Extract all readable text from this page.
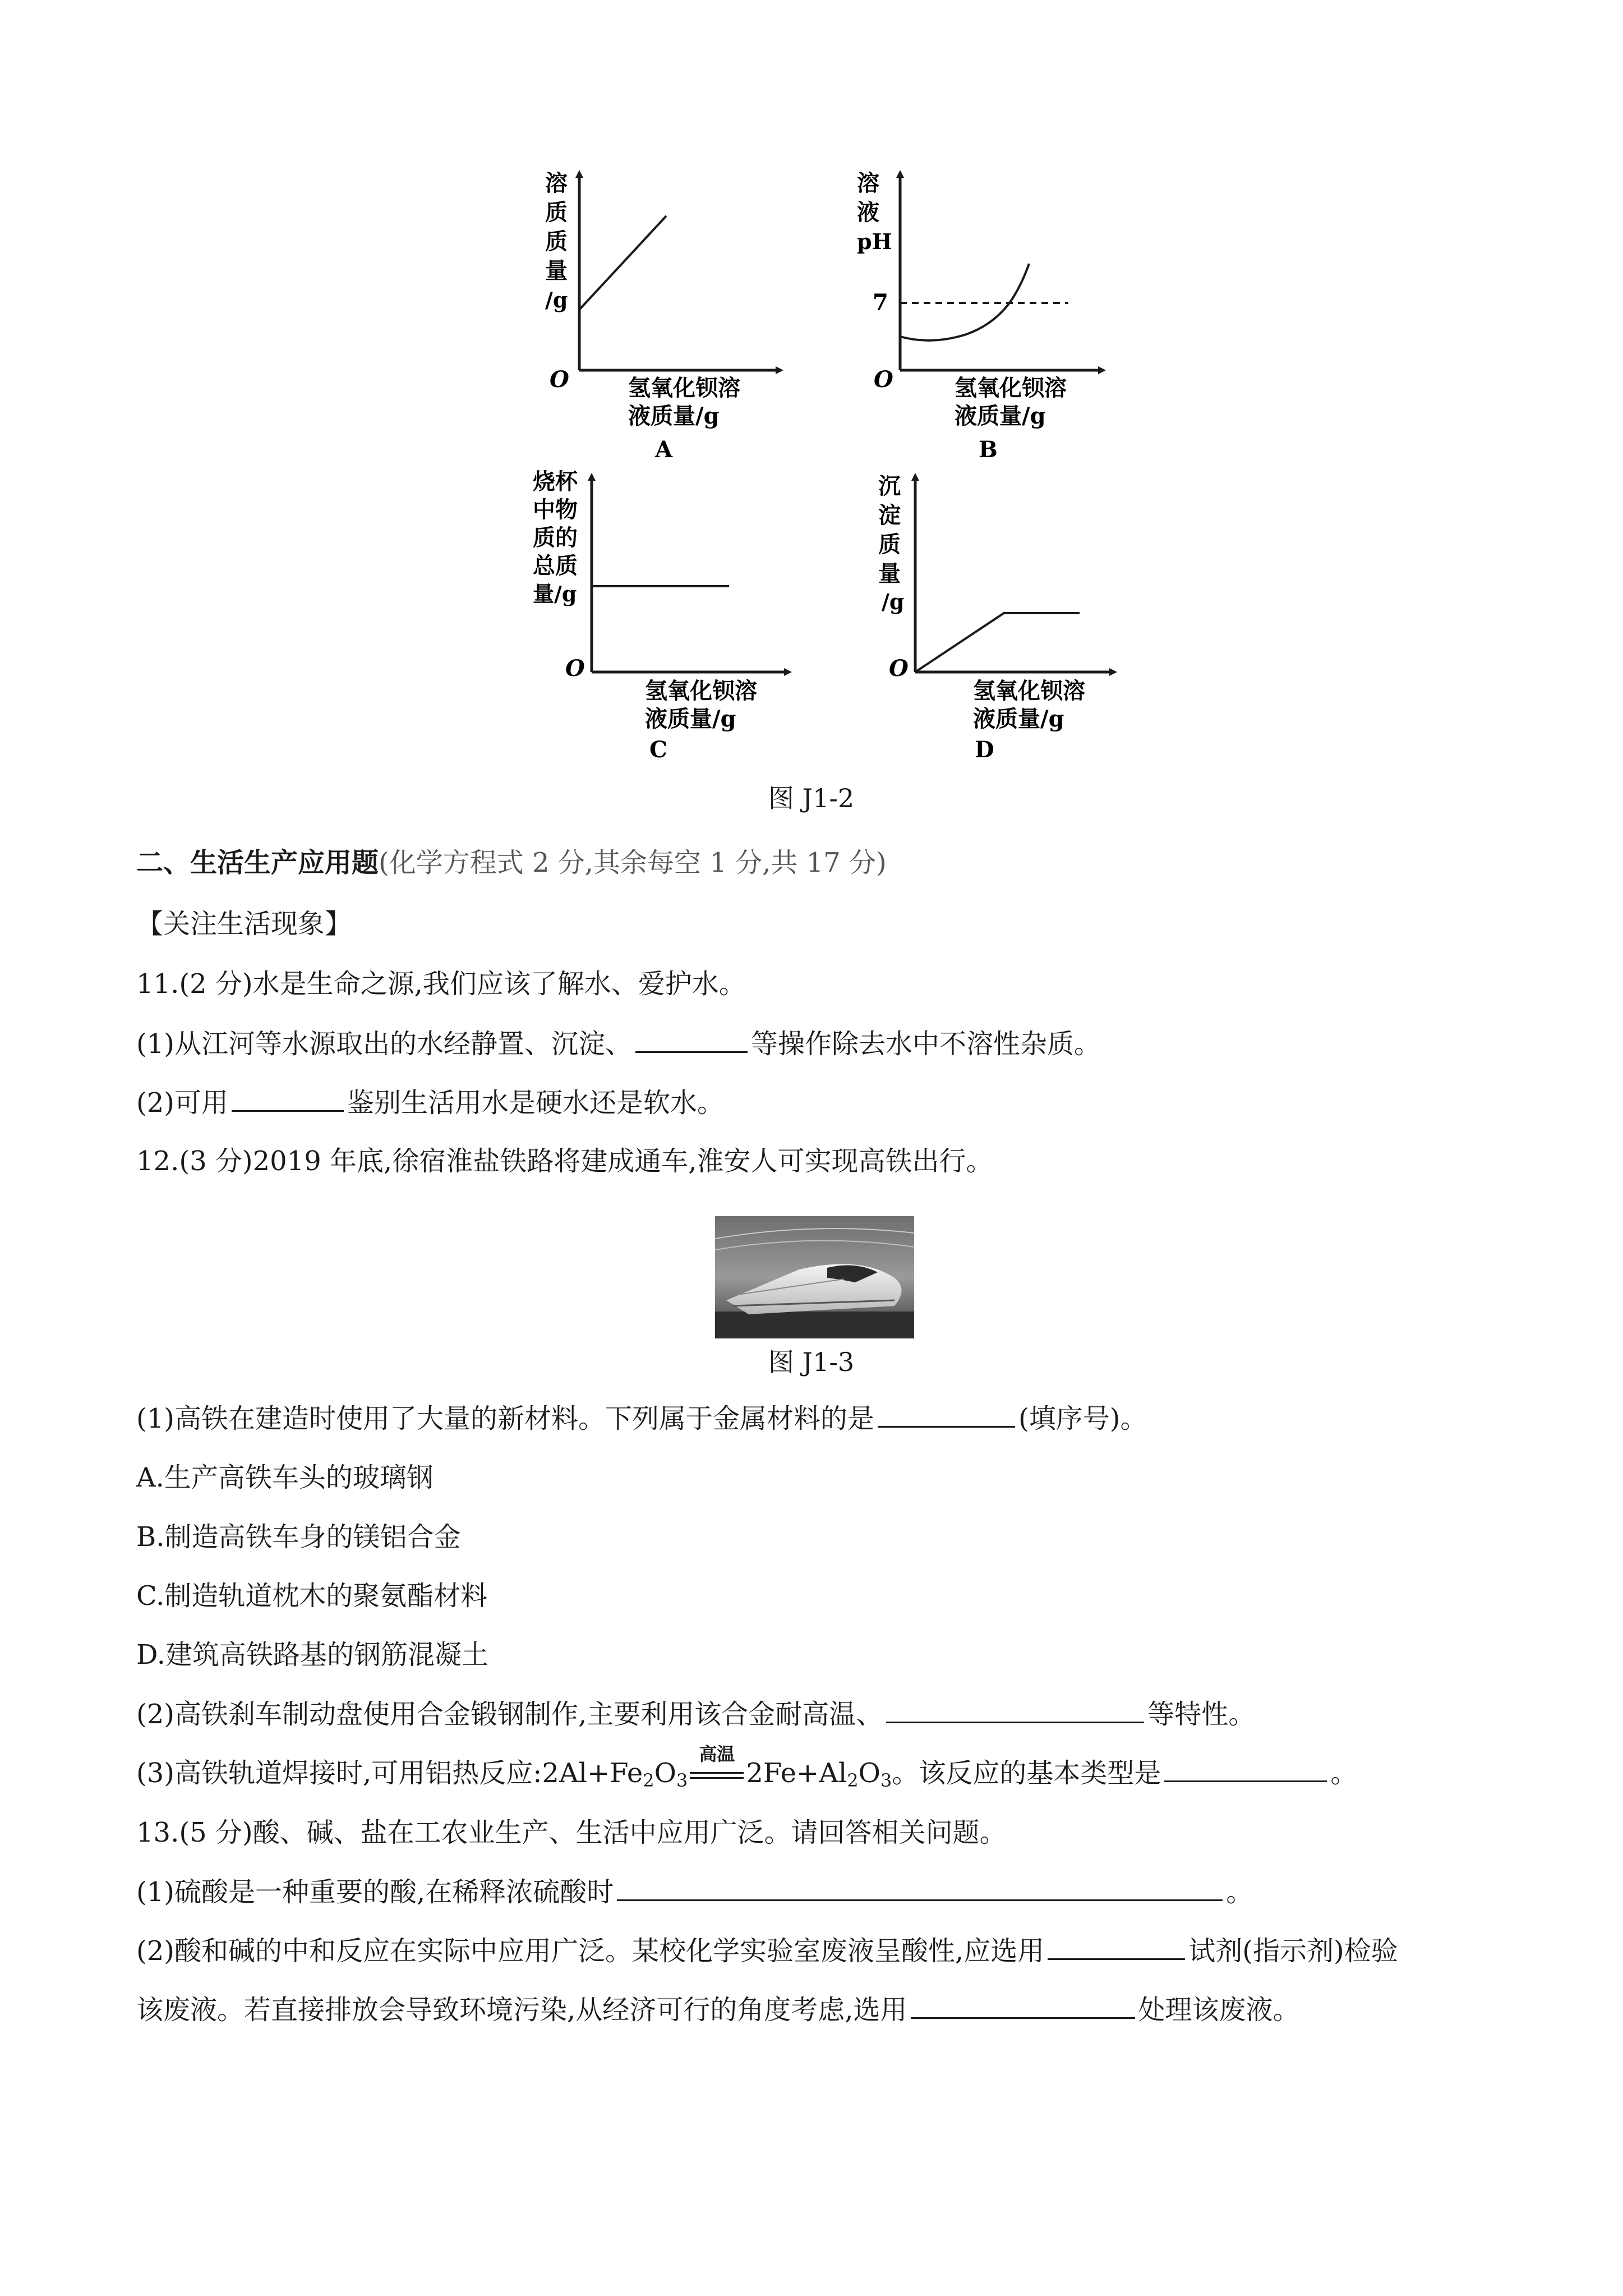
溶
质
质
量
/g
O	氢氧化钡溶
液质量/g
A
溶
液
pH
7
O	氢氧化钡溶
液质量/g
B
烧杯
中物
质的
总质
量/g
O
氢氧化钡溶
液质量/g
C
沉
淀
质
量
/g
O
氢氧化钡溶
液质量/g
D
图 J1-2
二、生活生产应用题(化学方程式 2 分,其余每空 1 分,共 17 分)
【关注生活现象】
11.(2 分)水是生命之源,我们应该了解水、爱护水。
(1)从江河等水源取出的水经静置、沉淀、	等操作除去水中不溶性杂质。
(2)可用	鉴别生活用水是硬水还是软水。
12.(3 分)2019 年底,徐宿淮盐铁路将建成通车,淮安人可实现高铁出行。
图 J1-3
(1)高铁在建造时使用了大量的新材料。下列属于金属材料的是	(填序号)。
A.生产高铁车头的玻璃钢
B.制造高铁车身的镁铝合金
C.制造轨道枕木的聚氨酯材料
D.建筑高铁路基的钢筋混凝土
(2)高铁刹车制动盘使用合金锻钢制作,主要利用该合金耐高温、	等特性。
(3)高铁轨道焊接时,可用铝热反应$:2Al+Fe_2O_3$
高温
$2Fe+Al_2O_3$。该反应的基本类型是	。
13.(5 分)酸、碱、盐在工农业生产、生活中应用广泛。请回答相关问题。
(1)硫酸是一种重要的酸,在稀释浓硫酸时	。
(2)酸和碱的中和反应在实际中应用广泛。某校化学实验室废液呈酸性,应选用	试剂(指示剂)检验
该废液。若直接排放会导致环境污染,从经济可行的角度考虑,选用	处理该废液。
